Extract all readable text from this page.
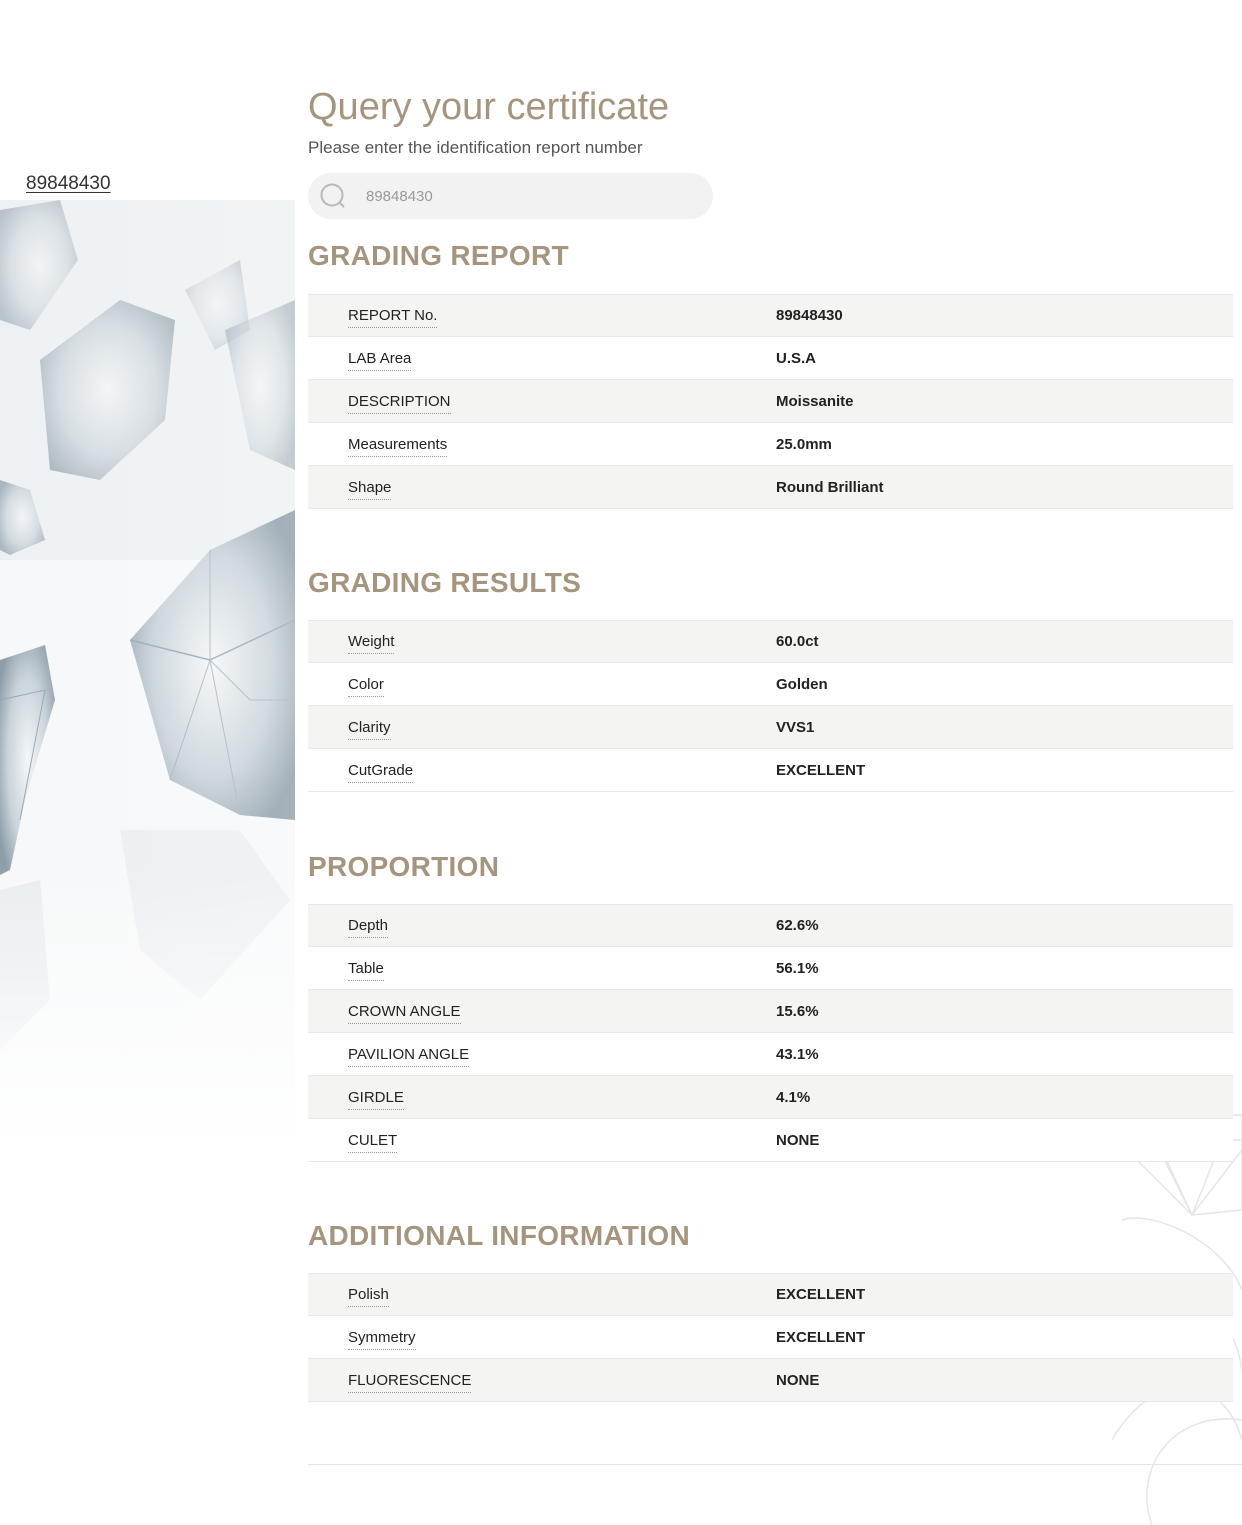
89848430
Query your certificate

Please enter the identification report number

89848430
GRADING REPORT
REPORT No.	89848430
LAB Area	U.S.A
DESCRIPTION	Moissanite
Measurements	25.0mm
Shape	Round Brilliant
GRADING RESULTS
Weight	60.0ct
Color	Golden
Clarity	VVS1
CutGrade	EXCELLENT
PROPORTION
Depth	62.6%
Table	56.1%
CROWN ANGLE	15.6%
PAVILION ANGLE	43.1%
GIRDLE	4.1%
CULET	NONE
ADDITIONAL INFORMATION
Polish	EXCELLENT
Symmetry	EXCELLENT
FLUORESCENCE	NONE
